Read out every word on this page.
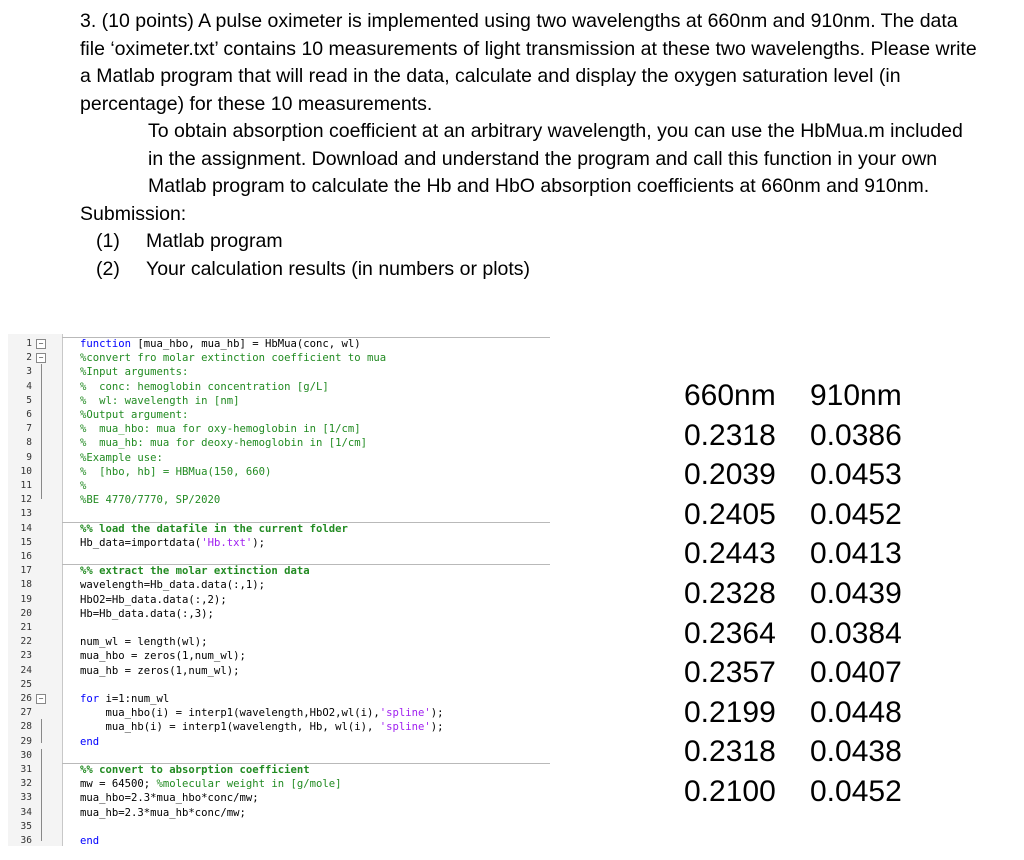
3. (10 points) A pulse oximeter is implemented using two wavelengths at 660nm and 910nm. The data file ‘oximeter.txt’ contains 10 measurements of light transmission at these two wavelengths. Please write a Matlab program that will read in the data, calculate and display the oxygen saturation level (in percentage) for these 10 measurements.

To obtain absorption coefficient at an arbitrary wavelength, you can use the HbMua.m included in the assignment. Download and understand the program and call this function in your own Matlab program to calculate the Hb and HbO absorption coefficients at 660nm and 910nm.

Submission:

(1)	Matlab program
(2)	Your calculation results (in numbers or plots)
1	function [mua_hbo, mua_hb] = HbMua(conc, wl)
2	%convert fro molar extinction coefficient to mua
3	%Input arguments:
4	%  conc: hemoglobin concentration [g/L]
5	%  wl: wavelength in [nm]
6	%Output argument:
7	%  mua_hbo: mua for oxy-hemoglobin in [1/cm]
8	%  mua_hb: mua for deoxy-hemoglobin in [1/cm]
9	%Example use:
10	%  [hbo, hb] = HBMua(150, 660)
11	%
12	%BE 4770/7770, SP/2020
13
14	%% load the datafile in the current folder
15	Hb_data=importdata('Hb.txt');
16
17	%% extract the molar extinction data
18	wavelength=Hb_data.data(:,1);
19	HbO2=Hb_data.data(:,2);
20	Hb=Hb_data.data(:,3);
21
22	num_wl = length(wl);
23	mua_hbo = zeros(1,num_wl);
24	mua_hb = zeros(1,num_wl);
25
26	for i=1:num_wl
27	mua_hbo(i) = interp1(wavelength,HbO2,wl(i),'spline');
28	mua_hb(i) = interp1(wavelength, Hb, wl(i), 'spline');
29	end
30
31	%% convert to absorption coefficient
32	mw = 64500; %molecular weight in [g/mole]
33	mua_hbo=2.3*mua_hbo*conc/mw;
34	mua_hb=2.3*mua_hb*conc/mw;
35
36	end
−
−
−
660nm	910nm
0.2318	0.0386
0.2039	0.0453
0.2405	0.0452
0.2443	0.0413
0.2328	0.0439
0.2364	0.0384
0.2357	0.0407
0.2199	0.0448
0.2318	0.0438
0.2100	0.0452
